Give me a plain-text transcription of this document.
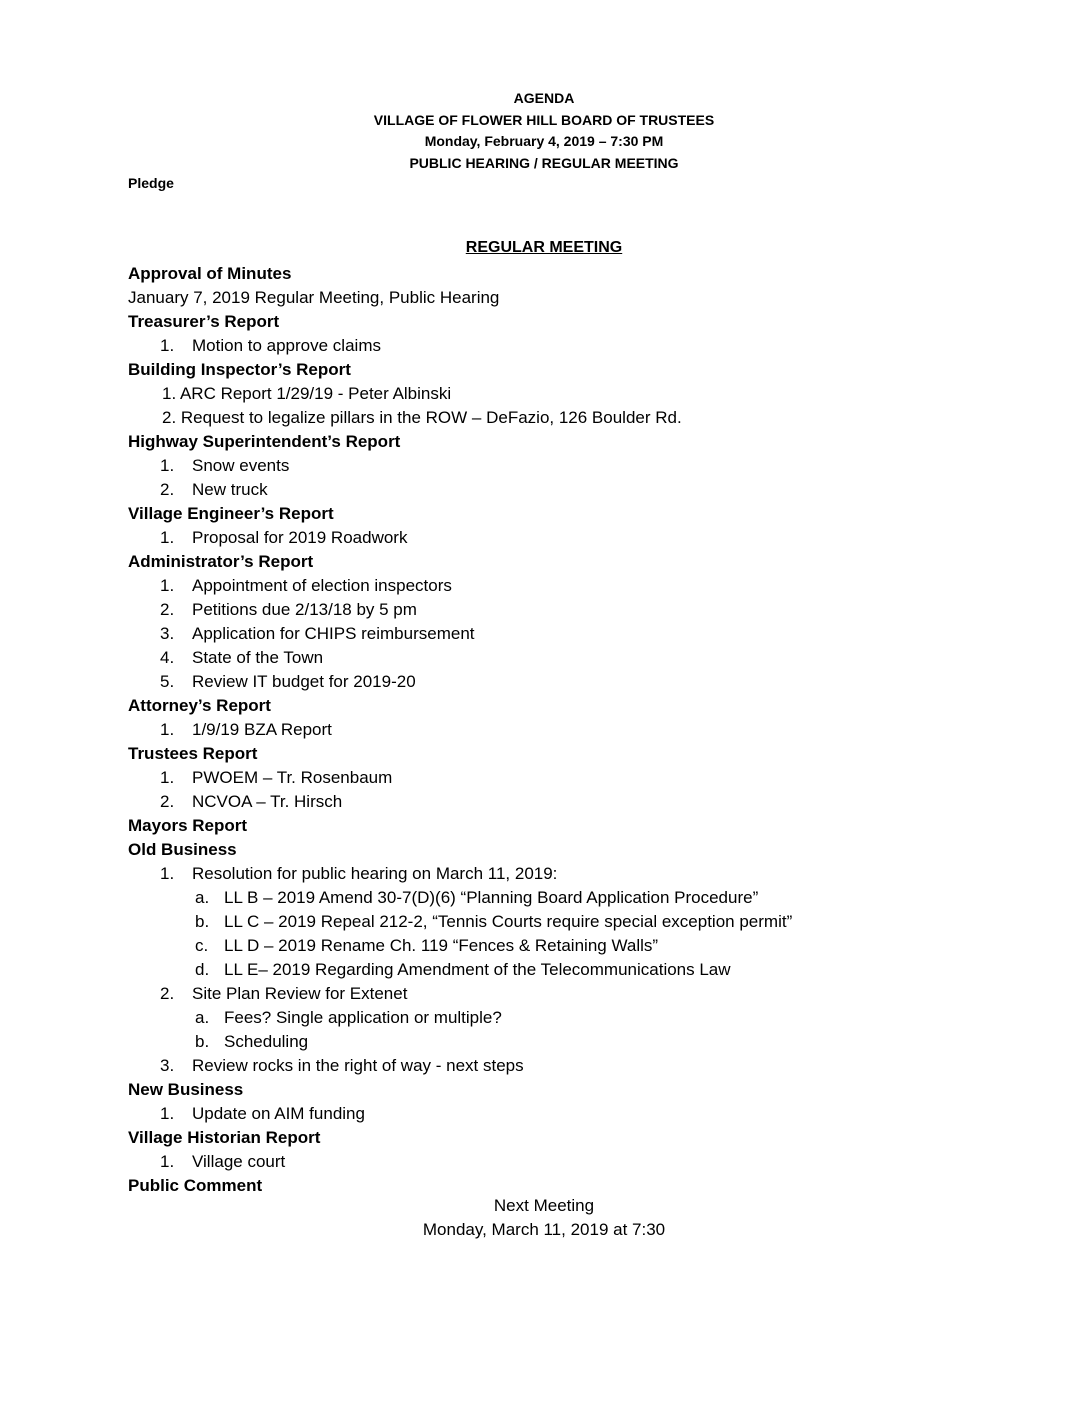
AGENDA
VILLAGE OF FLOWER HILL BOARD OF TRUSTEES
Monday, February 4, 2019 – 7:30 PM
PUBLIC HEARING / REGULAR MEETING
Pledge
REGULAR MEETING
Approval of Minutes
January 7, 2019 Regular Meeting, Public Hearing
Treasurer’s Report
1. Motion to approve claims
Building Inspector’s Report
1. ARC Report 1/29/19 - Peter Albinski
2. Request to legalize pillars in the ROW – DeFazio, 126 Boulder Rd.
Highway Superintendent’s Report
1. Snow events
2. New truck
Village Engineer’s Report
1. Proposal for 2019 Roadwork
Administrator’s Report
1. Appointment of election inspectors
2. Petitions due 2/13/18 by 5 pm
3. Application for CHIPS reimbursement
4. State of the Town
5. Review IT budget for 2019-20
Attorney’s Report
1. 1/9/19 BZA Report
Trustees Report
1. PWOEM – Tr. Rosenbaum
2. NCVOA – Tr. Hirsch
Mayors Report
Old Business
1. Resolution for public hearing on March 11, 2019:
a. LL B – 2019 Amend 30-7(D)(6) “Planning Board Application Procedure”
b. LL C – 2019 Repeal 212-2, “Tennis Courts require special exception permit”
c. LL D – 2019 Rename Ch. 119 “Fences & Retaining Walls”
d. LL E– 2019 Regarding Amendment of the Telecommunications Law
2. Site Plan Review for Extenet
a. Fees? Single application or multiple?
b. Scheduling
3. Review rocks in the right of way - next steps
New Business
1. Update on AIM funding
Village Historian Report
1. Village court
Public Comment
Next Meeting
Monday, March 11, 2019 at 7:30
